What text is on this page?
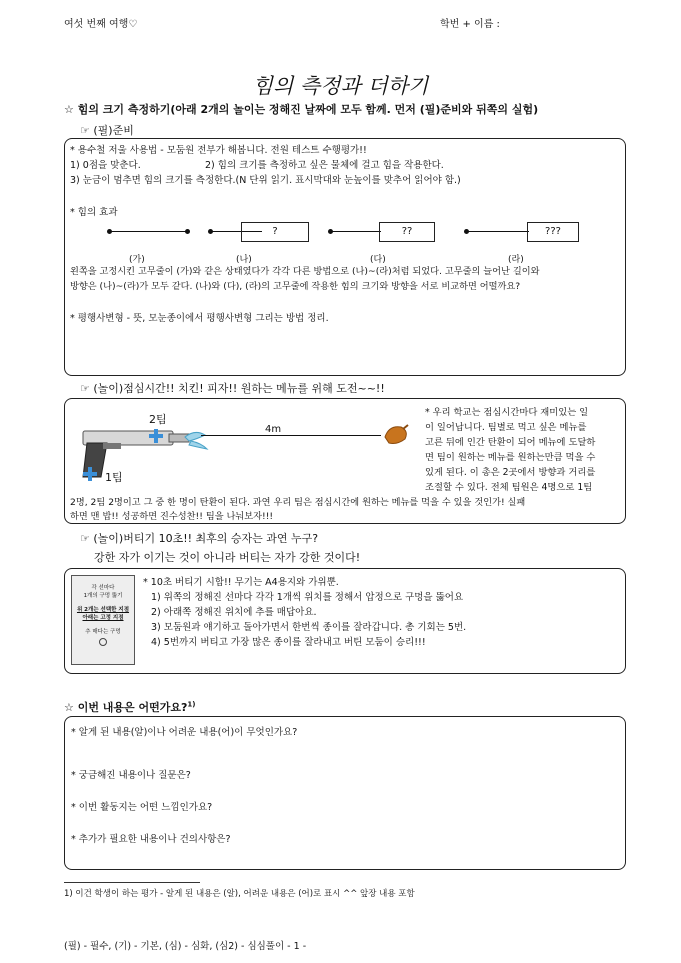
여섯 번째 여행♡	학번 + 이름 :
힘의 측정과 더하기
☆ 힘의 크기 측정하기(아래 2개의 놀이는 정해진 날짜에 모두 함께. 먼저 (필)준비와 뒤쪽의 실험)
☞ (필)준비
* 용수철 저울 사용법 - 모둠원 전부가 해봅니다. 전원 테스트 수행평가!!
1) 0점을 맞춘다.	2) 힘의 크기를 측정하고 싶은 물체에 걸고 힘을 작용한다.
3) 눈금이 멈추면 힘의 크기를 측정한다.(N 단위 읽기. 표시막대와 눈높이를 맞추어 읽어야 함.)
* 힘의 효과
?	??	???
(가)	(나)	(다)	(라)
왼쪽을 고정시킨 고무줄이 (가)와 같은 상태였다가 각각 다른 방법으로 (나)~(라)처럼 되었다. 고무줄의 늘어난 길이와
방향은 (나)~(라)가 모두 같다. (나)와 (다), (라)의 고무줄에 작용한 힘의 크기와 방향을 서로 비교하면 어떨까요?
* 평행사변형 - 뜻, 모눈종이에서 평행사변형 그리는 방법 정리.
☞ (놀이)점심시간!! 치킨! 피자!! 원하는 메뉴를 위해 도전~~!!
2팀
1팀
4m
* 우리 학교는 점심시간마다 재미있는 일
이 일어납니다. 팀별로 먹고 싶은 메뉴를
고른 뒤에 인간 탄환이 되어 메뉴에 도달하
면 팀이 원하는 메뉴를 원하는만큼 먹을 수
있게 된다. 이 총은 2곳에서 방향과 거리를
조절할 수 있다. 전체 팀원은 4명으로 1팀
2명, 2팀 2명이고 그 중 한 명이 탄환이 된다. 과연 우리 팀은 점심시간에 원하는 메뉴를 먹을 수 있을 것인가! 실패
하면 맨 밥!! 성공하면 진수성찬!! 팀을 나눠보자!!!
☞ (놀이)버티기 10초!! 최후의 승자는 과연 누구?
강한 자가 이기는 것이 아니라 버티는 자가 강한 것이다!
각 선마다
1개의 구멍 뚫기
위 2개는 선택한 지점
아래는 고정 지점
추 매다는 구멍
* 10초 버티기 시합!! 무기는 A4용지와 가위뿐.
1) 위쪽의 정해진 선마다 각각 1개씩 위치를 정해서 압정으로 구멍을 뚫어요
2) 아래쪽 정해진 위치에 추를 매답아요.
3) 모둠원과 얘기하고 돌아가면서 한번씩 종이를 잘라갑니다. 총 기회는 5번.
4) 5번까지 버티고 가장 많은 종이를 잘라내고 버틴 모둠이 승리!!!
☆ 이번 내용은 어떤가요?$^{1)}$
* 알게 된 내용(알)이나 어려운 내용(어)이 무엇인가요?
* 궁금해진 내용이나 질문은?
* 이번 활동지는 어떤 느낌인가요?
* 추가가 필요한 내용이나 건의사항은?
1) 이건 학생이 하는 평가 - 알게 된 내용은 (알), 어려운 내용은 (어)로 표시 ^^ 앞장 내용 포함
(필) - 필수, (기) - 기본, (심) - 심화, (심2) - 심심풀이 - 1 -
